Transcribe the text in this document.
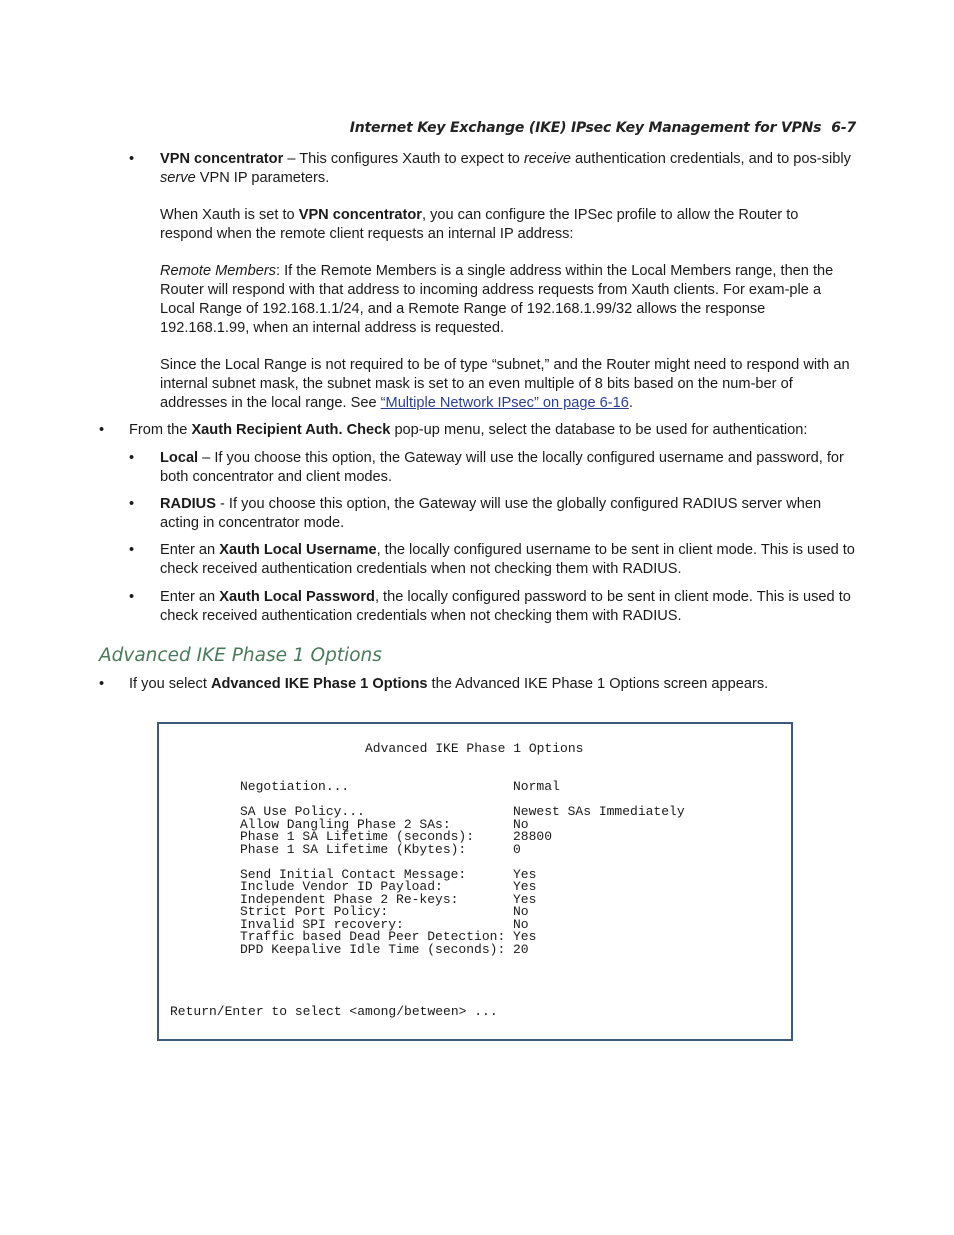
Internet Key Exchange (IKE) IPsec Key Management for VPNs 6-7
• VPN concentrator – This configures Xauth to expect to receive authentication credentials, and to pos-sibly serve VPN IP parameters.

When Xauth is set to VPN concentrator, you can configure the IPSec profile to allow the Router to respond when the remote client requests an internal IP address:

Remote Members: If the Remote Members is a single address within the Local Members range, then the Router will respond with that address to incoming address requests from Xauth clients. For exam-ple a Local Range of 192.168.1.1/24, and a Remote Range of 192.168.1.99/32 allows the response 192.168.1.99, when an internal address is requested.

Since the Local Range is not required to be of type “subnet,” and the Router might need to respond with an internal subnet mask, the subnet mask is set to an even multiple of 8 bits based on the num-ber of addresses in the local range. See “Multiple Network IPsec” on page 6-16.

• From the Xauth Recipient Auth. Check pop-up menu, select the database to be used for authentication:

• Local – If you choose this option, the Gateway will use the locally configured username and password, for both concentrator and client modes.

• RADIUS - If you choose this option, the Gateway will use the globally configured RADIUS server when acting in concentrator mode.

• Enter an Xauth Local Username, the locally configured username to be sent in client mode. This is used to check received authentication credentials when not checking them with RADIUS.

• Enter an Xauth Local Password, the locally configured password to be sent in client mode. This is used to check received authentication credentials when not checking them with RADIUS.

Advanced IKE Phase 1 Options
• If you select Advanced IKE Phase 1 Options the Advanced IKE Phase 1 Options screen appears.

Advanced IKE Phase 1 Options
Negotiation...	Normal
SA Use Policy...	Newest SAs Immediately
Allow Dangling Phase 2 SAs:	No
Phase 1 SA Lifetime (seconds):	28800
Phase 1 SA Lifetime (Kbytes):	0
Send Initial Contact Message:	Yes
Include Vendor ID Payload:	Yes
Independent Phase 2 Re-keys:	Yes
Strict Port Policy:	No
Invalid SPI recovery:	No
Traffic based Dead Peer Detection: Yes
DPD Keepalive Idle Time (seconds): 20
Return/Enter to select <among/between> ...
